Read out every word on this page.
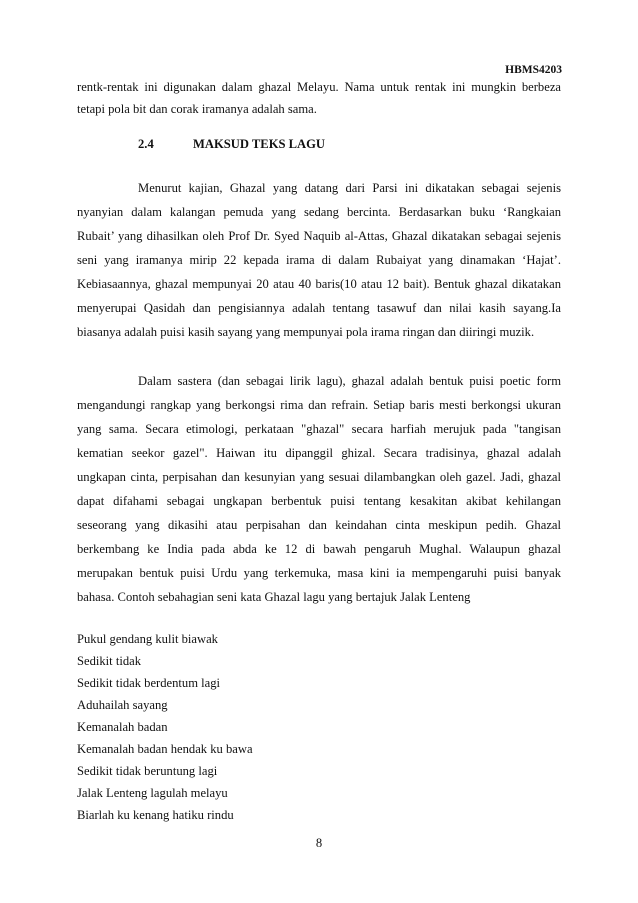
HBMS4203
rentk-rentak ini digunakan dalam ghazal Melayu. Nama untuk rentak ini mungkin berbeza
tetapi pola bit dan corak iramanya adalah sama.
2.4	MAKSUD TEKS LAGU
Menurut kajian, Ghazal yang datang dari Parsi ini dikatakan sebagai sejenis
nyanyian dalam kalangan pemuda yang sedang bercinta. Berdasarkan buku ‘Rangkaian
Rubait’ yang dihasilkan oleh Prof Dr. Syed Naquib al-Attas, Ghazal dikatakan sebagai sejenis
seni yang iramanya mirip 22 kepada irama di dalam Rubaiyat yang dinamakan ‘Hajat’.
Kebiasaannya, ghazal mempunyai 20 atau 40 baris(10 atau 12 bait). Bentuk ghazal dikatakan
menyerupai Qasidah dan pengisiannya adalah tentang tasawuf dan nilai kasih sayang.Ia
biasanya adalah puisi kasih sayang yang mempunyai pola irama ringan dan diiringi muzik.
Dalam sastera (dan sebagai lirik lagu), ghazal adalah bentuk puisi poetic form
mengandungi rangkap yang berkongsi rima dan refrain. Setiap baris mesti berkongsi ukuran
yang sama. Secara etimologi, perkataan "ghazal" secara harfiah merujuk pada "tangisan
kematian seekor gazel". Haiwan itu dipanggil ghizal. Secara tradisinya, ghazal adalah
ungkapan cinta, perpisahan dan kesunyian yang sesuai dilambangkan oleh gazel. Jadi, ghazal
dapat difahami sebagai ungkapan berbentuk puisi tentang kesakitan akibat kehilangan
seseorang yang dikasihi atau perpisahan dan keindahan cinta meskipun pedih. Ghazal
berkembang ke India pada abda ke 12 di bawah pengaruh Mughal. Walaupun ghazal
merupakan bentuk puisi Urdu yang terkemuka, masa kini ia mempengaruhi puisi banyak
bahasa. Contoh sebahagian seni kata Ghazal lagu yang bertajuk Jalak Lenteng
Pukul gendang kulit biawak
Sedikit tidak
Sedikit tidak berdentum lagi
Aduhailah sayang
Kemanalah badan
Kemanalah badan hendak ku bawa
Sedikit tidak beruntung lagi
Jalak Lenteng lagulah melayu
Biarlah ku kenang hatiku rindu
8
